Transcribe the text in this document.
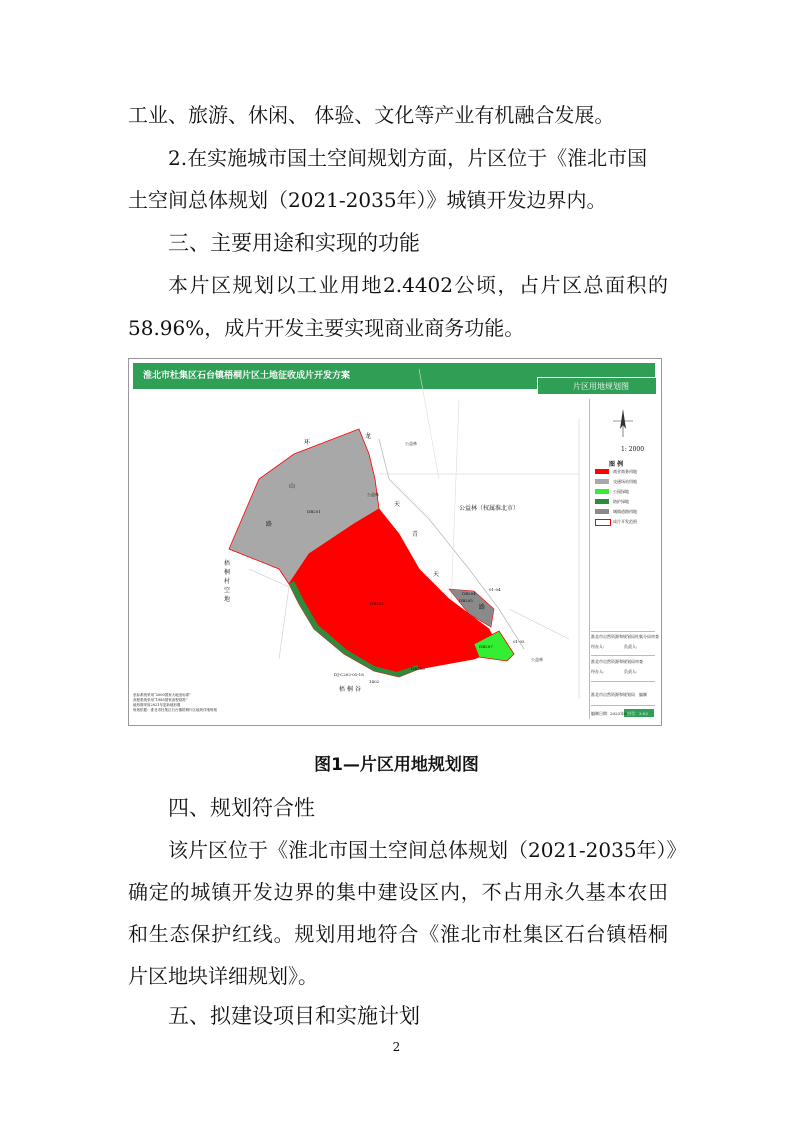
工业、旅游、休闲、 体验、文化等产业有机融合发展。
2.在实施城市国土空间规划方面，片区位于《淮北市国
土空间总体规划（2021-2035年）》城镇开发边界内。
三、主要用途和实现的功能
本片区规划以工业用地2.4402公顷，占片区总面积的
58.96%，成片开发主要实现商业商务功能。
淮北市杜集区石台镇梧桐片区土地征收成片开发方案
片区用地规划图
环
龙
山
路
梧桐村空地
公益林
公益林
公益林（权属淮北市）
公益林
天
青
天
路
梧 桐 谷
DB201
DB202
DB204
DB205
DB207
DB206
01-04
01-05
DJ-C202-01-18
1402
1: 2000
图 例
商业商务用地
交通场站用地
公园绿地
防护绿地
城镇道路用地
成片开发范围
淮北市自然资源和规划局杜集分局审查
经办人:	负责人:
淮北市自然资源和规划局审查
经办人:	负责人:
淮北市自然资源和规划局 编制
编制日期： 2023年9月
图号：2-02
坐标系统采用“2000国家大地坐标系”
高程系统采用“1985国家高程基准”
地形图采用2021年更新地形图
规划依据：淮北市杜集区石台镇梧桐片区地块详细规划
图1—片区用地规划图
四、规划符合性
该片区位于《淮北市国土空间总体规划（2021-2035年）》
确定的城镇开发边界的集中建设区内，不占用永久基本农田
和生态保护红线。规划用地符合《淮北市杜集区石台镇梧桐
片区地块详细规划》。
五、拟建设项目和实施计划
2
